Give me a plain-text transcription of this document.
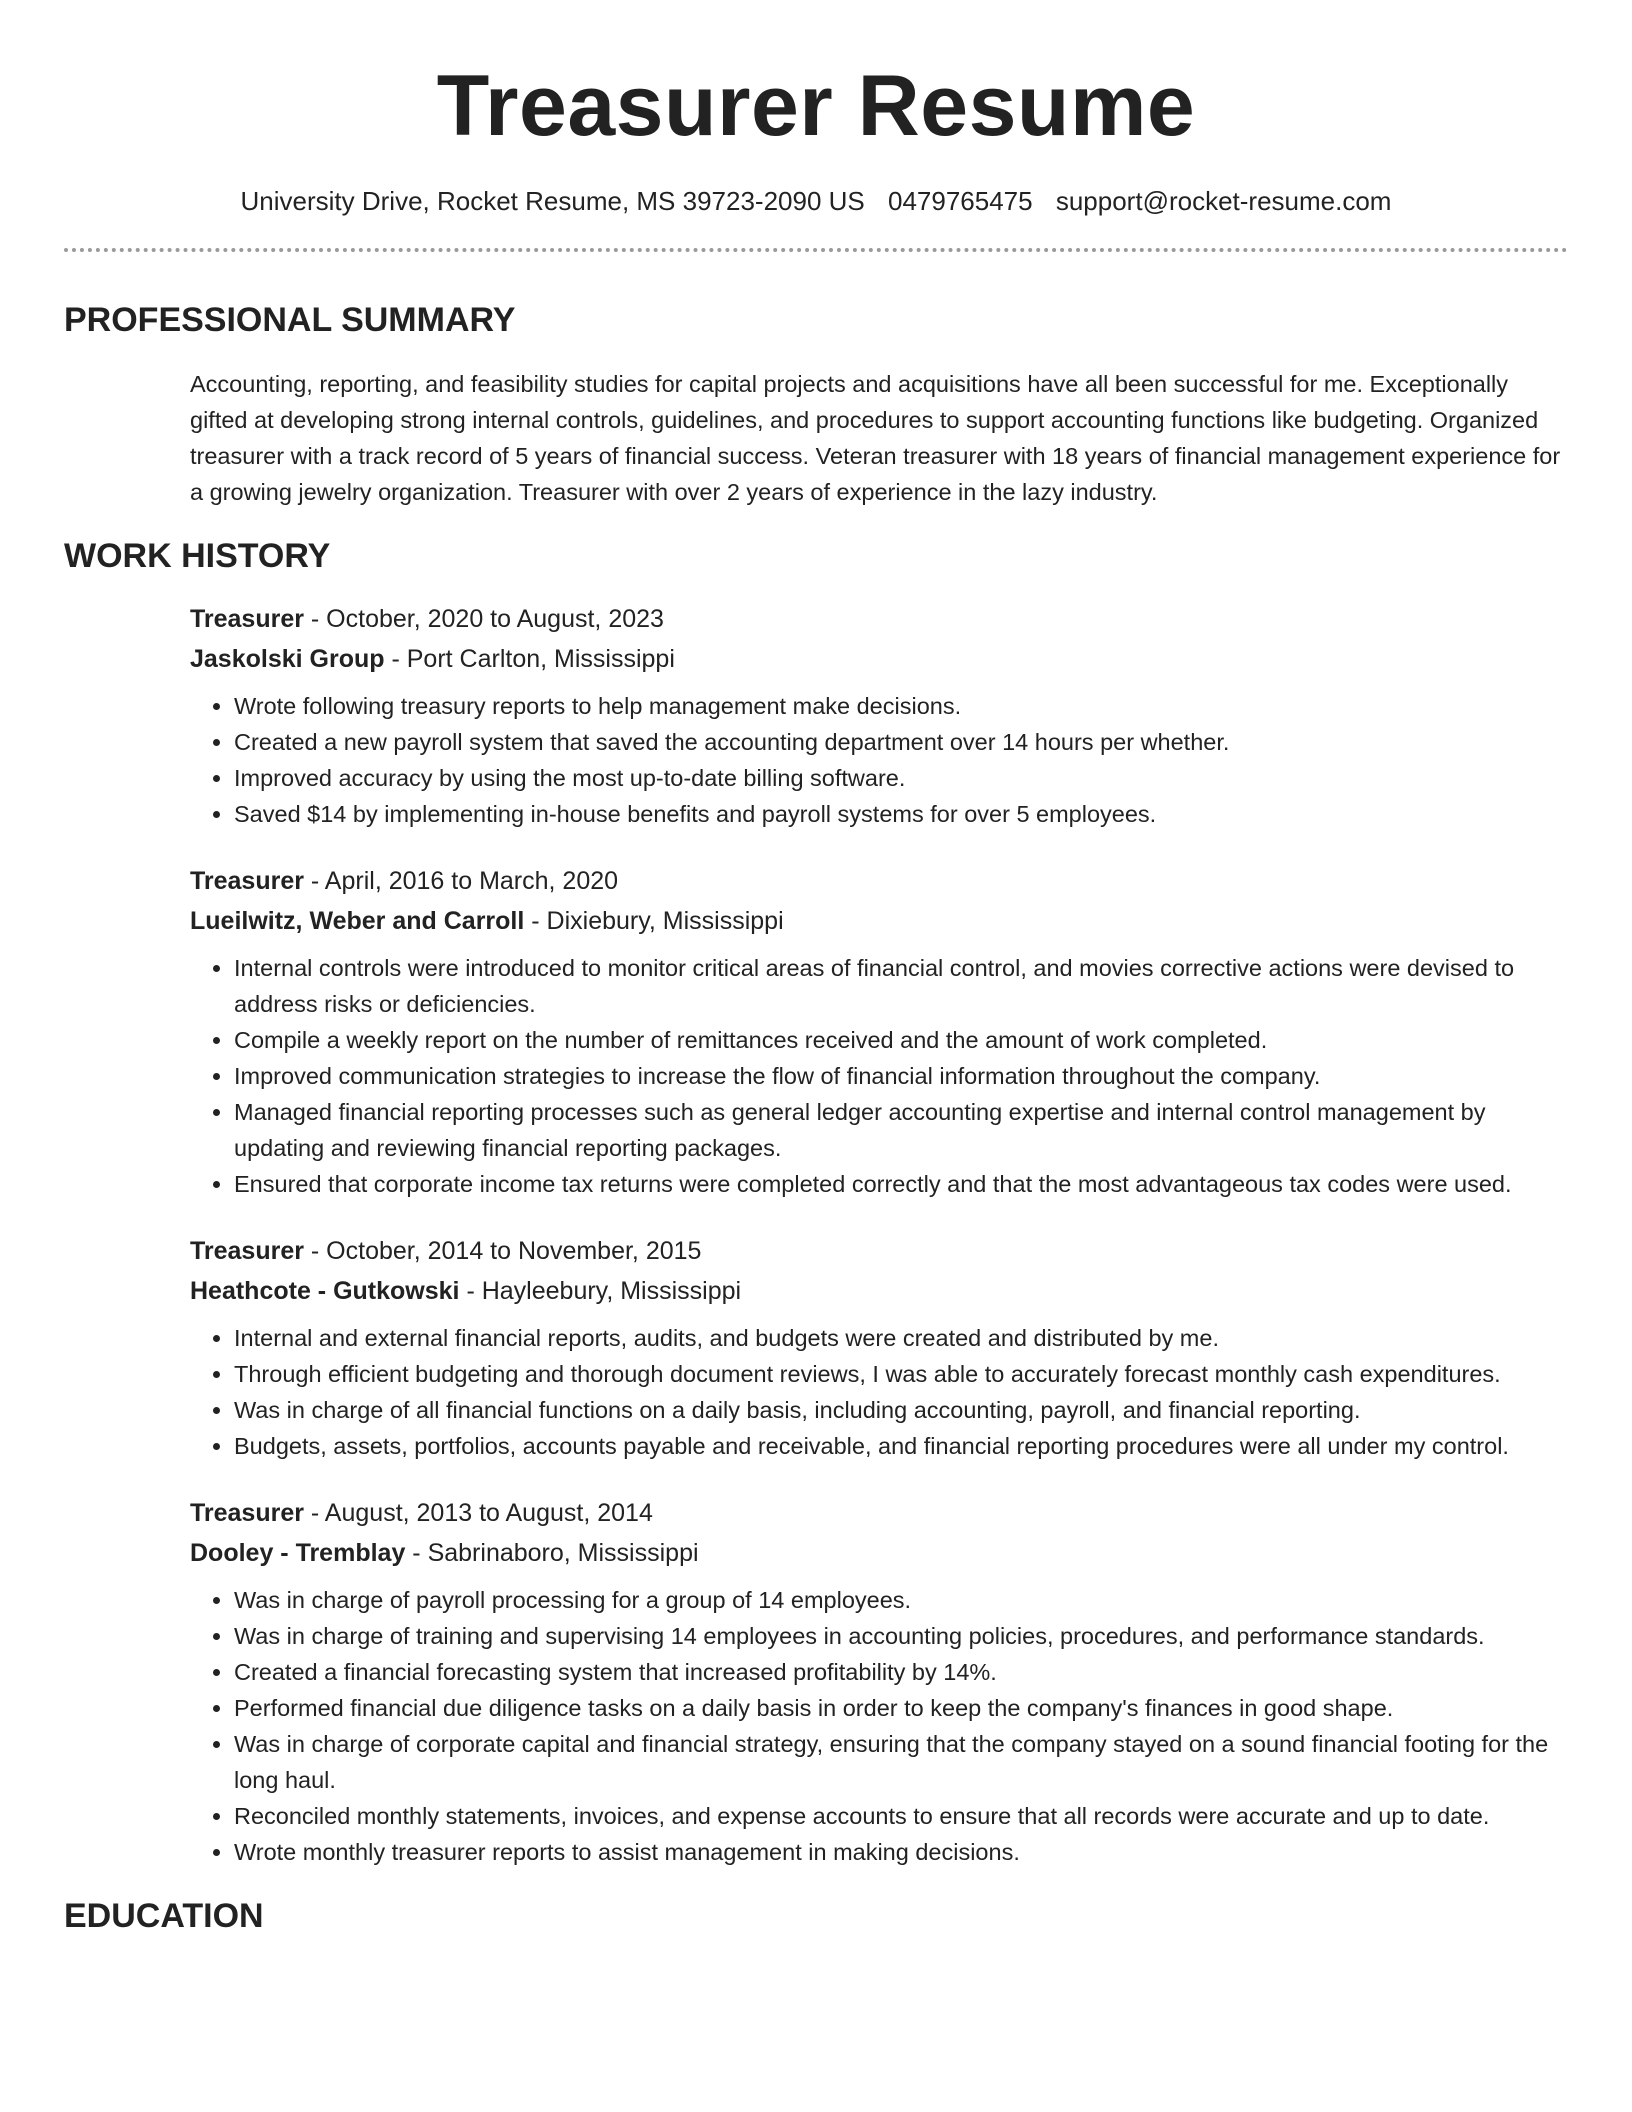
Treasurer Resume
University Drive, Rocket Resume, MS 39723-2090 US 0479765475 support@rocket-resume.com
PROFESSIONAL SUMMARY

Accounting, reporting, and feasibility studies for capital projects and acquisitions have all been successful for me. Exceptionally gifted at developing strong internal controls, guidelines, and procedures to support accounting functions like budgeting. Organized treasurer with a track record of 5 years of financial success. Veteran treasurer with 18 years of financial management experience for a growing jewelry organization. Treasurer with over 2 years of experience in the lazy industry.

WORK HISTORY
Treasurer - October, 2020 to August, 2023
Jaskolski Group - Port Carlton, Mississippi
• Wrote following treasury reports to help management make decisions.
• Created a new payroll system that saved the accounting department over 14 hours per whether.
• Improved accuracy by using the most up-to-date billing software.
• Saved $14 by implementing in-house benefits and payroll systems for over 5 employees.
Treasurer - April, 2016 to March, 2020
Lueilwitz, Weber and Carroll - Dixiebury, Mississippi
• Internal controls were introduced to monitor critical areas of financial control, and movies corrective actions were devised to address risks or deficiencies.
• Compile a weekly report on the number of remittances received and the amount of work completed.
• Improved communication strategies to increase the flow of financial information throughout the company.
• Managed financial reporting processes such as general ledger accounting expertise and internal control management by updating and reviewing financial reporting packages.
• Ensured that corporate income tax returns were completed correctly and that the most advantageous tax codes were used.
Treasurer - October, 2014 to November, 2015
Heathcote - Gutkowski - Hayleebury, Mississippi
• Internal and external financial reports, audits, and budgets were created and distributed by me.
• Through efficient budgeting and thorough document reviews, I was able to accurately forecast monthly cash expenditures.
• Was in charge of all financial functions on a daily basis, including accounting, payroll, and financial reporting.
• Budgets, assets, portfolios, accounts payable and receivable, and financial reporting procedures were all under my control.
Treasurer - August, 2013 to August, 2014
Dooley - Tremblay - Sabrinaboro, Mississippi
• Was in charge of payroll processing for a group of 14 employees.
• Was in charge of training and supervising 14 employees in accounting policies, procedures, and performance standards.
• Created a financial forecasting system that increased profitability by 14%.
• Performed financial due diligence tasks on a daily basis in order to keep the company's finances in good shape.
• Was in charge of corporate capital and financial strategy, ensuring that the company stayed on a sound financial footing for the long haul.
• Reconciled monthly statements, invoices, and expense accounts to ensure that all records were accurate and up to date.
• Wrote monthly treasurer reports to assist management in making decisions.
EDUCATION
